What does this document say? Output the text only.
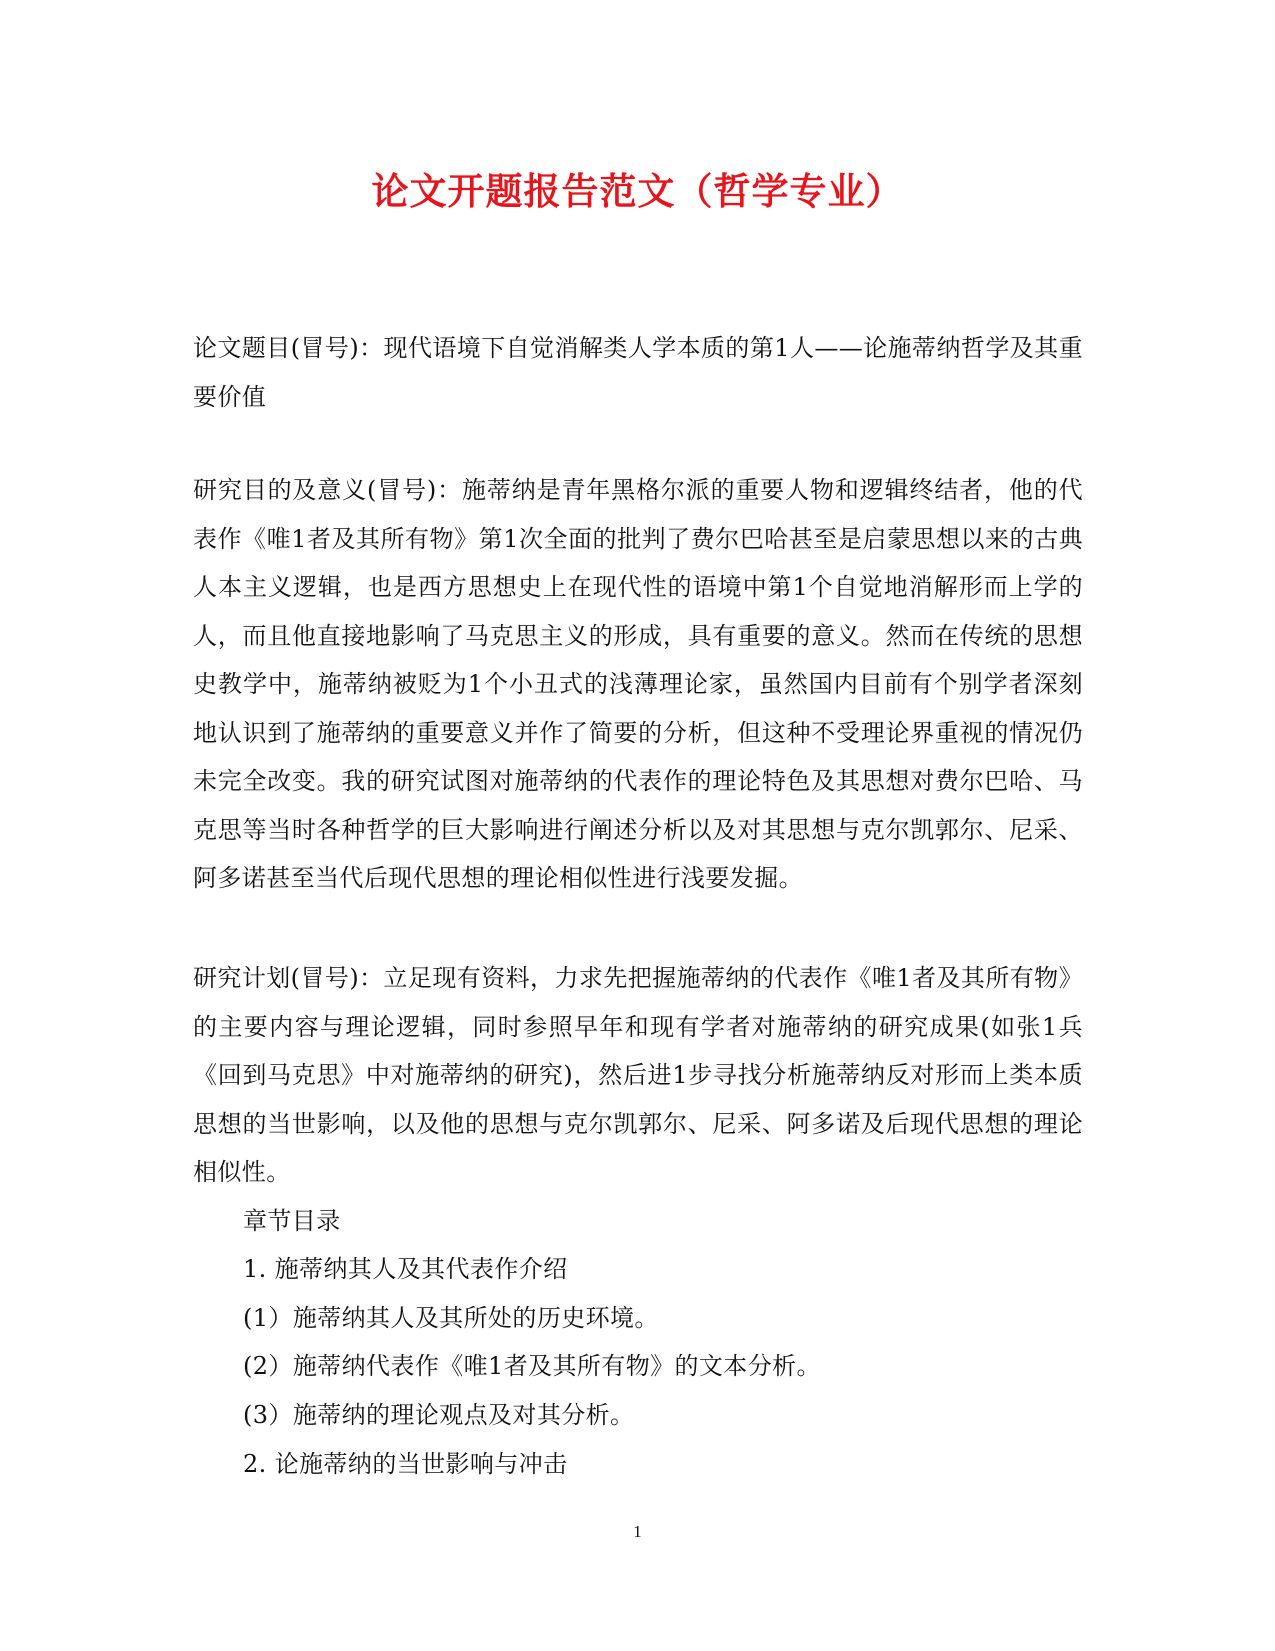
论文开题报告范文（哲学专业）
论文题目(冒号)：现代语境下自觉消解类人学本质的第1人——论施蒂纳哲学及其重要价值
研究目的及意义(冒号)：施蒂纳是青年黑格尔派的重要人物和逻辑终结者，他的代表作《唯1者及其所有物》第1次全面的批判了费尔巴哈甚至是启蒙思想以来的古典人本主义逻辑，也是西方思想史上在现代性的语境中第1个自觉地消解形而上学的人，而且他直接地影响了马克思主义的形成，具有重要的意义。然而在传统的思想史教学中，施蒂纳被贬为1个小丑式的浅薄理论家，虽然国内目前有个别学者深刻地认识到了施蒂纳的重要意义并作了简要的分析，但这种不受理论界重视的情况仍未完全改变。我的研究试图对施蒂纳的代表作的理论特色及其思想对费尔巴哈、马克思等当时各种哲学的巨大影响进行阐述分析以及对其思想与克尔凯郭尔、尼采、阿多诺甚至当代后现代思想的理论相似性进行浅要发掘。
研究计划(冒号)：立足现有资料，力求先把握施蒂纳的代表作《唯1者及其所有物》的主要内容与理论逻辑，同时参照早年和现有学者对施蒂纳的研究成果(如张1兵《回到马克思》中对施蒂纳的研究)，然后进1步寻找分析施蒂纳反对形而上类本质思想的当世影响，以及他的思想与克尔凯郭尔、尼采、阿多诺及后现代思想的理论相似性。
章节目录
1. 施蒂纳其人及其代表作介绍
(1）施蒂纳其人及其所处的历史环境。
(2）施蒂纳代表作《唯1者及其所有物》的文本分析。
(3）施蒂纳的理论观点及对其分析。
2. 论施蒂纳的当世影响与冲击
1
